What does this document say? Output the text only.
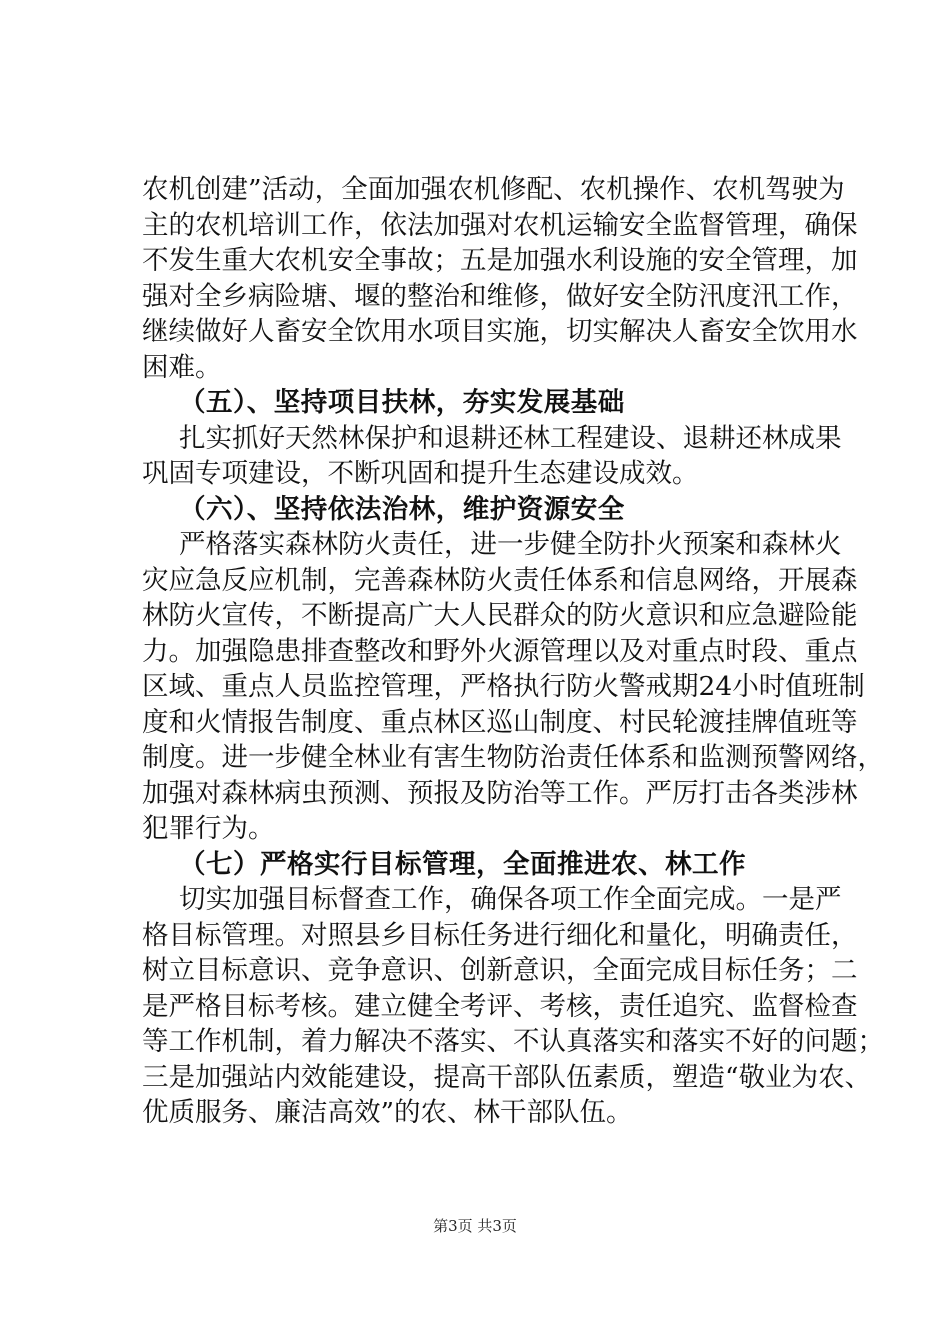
农 机 创 建 ” 活 动 ， 全 面 加 强 农 机 修 配 、 农 机 操 作 、 农 机 驾 驶 为
主 的 农 机 培 训 工 作 ， 依 法 加 强 对 农 机 运 输 安 全 监 督 管 理 ， 确 保
不 发 生 重 大 农 机 安 全 事 故 ； 五 是 加 强 水 利 设 施 的 安 全 管 理 ， 加
强 对 全 乡 病 险 塘 、 堰 的 整 治 和 维 修 ， 做 好 安 全 防 汛 度 汛 工 作 ，
继 续 做 好 人 畜 安 全 饮 用 水 项 目 实 施 ， 切 实 解 决 人 畜 安 全 饮 用 水
困难。
（五）、坚持项目扶林，夯实发展基础
扎 实 抓 好 天 然 林 保 护 和 退 耕 还 林 工 程 建 设 、 退 耕 还 林 成 果
巩固专项建设，不断巩固和提升生态建设成效。
（六）、坚持依法治林，维护资源安全
严 格 落 实 森 林 防 火 责 任 ， 进 一 步 健 全 防 扑 火 预 案 和 森 林 火
灾 应 急 反 应 机 制 ， 完 善 森 林 防 火 责 任 体 系 和 信 息 网 络 ， 开 展 森
林 防 火 宣 传 ， 不 断 提 高 广 大 人 民 群 众 的 防 火 意 识 和 应 急 避 险 能
力 。 加 强 隐 患 排 查 整 改 和 野 外 火 源 管 理 以 及 对 重 点 时 段 、 重 点
区 域 、 重 点 人 员 监 控 管 理 ， 严 格 执 行 防 火 警 戒 期 24 小 时 值 班 制
度 和 火 情 报 告 制 度 、 重 点 林 区 巡 山 制 度 、 村 民 轮 渡 挂 牌 值 班 等
制 度 。 进 一 步 健 全 林 业 有 害 生 物 防 治 责 任 体 系 和 监 测 预 警 网 络 ，
加 强 对 森 林 病 虫 预 测 、 预 报 及 防 治 等 工 作 。 严 厉 打 击 各 类 涉 林
犯罪行为。
（七）严格实行目标管理，全面推进农、林工作
切 实 加 强 目 标 督 查 工 作 ， 确 保 各 项 工 作 全 面 完 成 。 一 是 严
格 目 标 管 理 。 对 照 县 乡 目 标 任 务 进 行 细 化 和 量 化 ， 明 确 责 任 ，
树 立 目 标 意 识 、 竞 争 意 识 、 创 新 意 识 ， 全 面 完 成 目 标 任 务 ； 二
是 严 格 目 标 考 核 。 建 立 健 全 考 评 、 考 核 ， 责 任 追 究 、 监 督 检 查
等 工 作 机 制 ， 着 力 解 决 不 落 实 、 不 认 真 落 实 和 落 实 不 好 的 问 题 ；
三 是 加 强 站 内 效 能 建 设 ， 提 高 干 部 队 伍 素 质 ， 塑 造 “ 敬 业 为 农 、
优质服务、廉洁高效”的农、林干部队伍。
第3页 共3页
